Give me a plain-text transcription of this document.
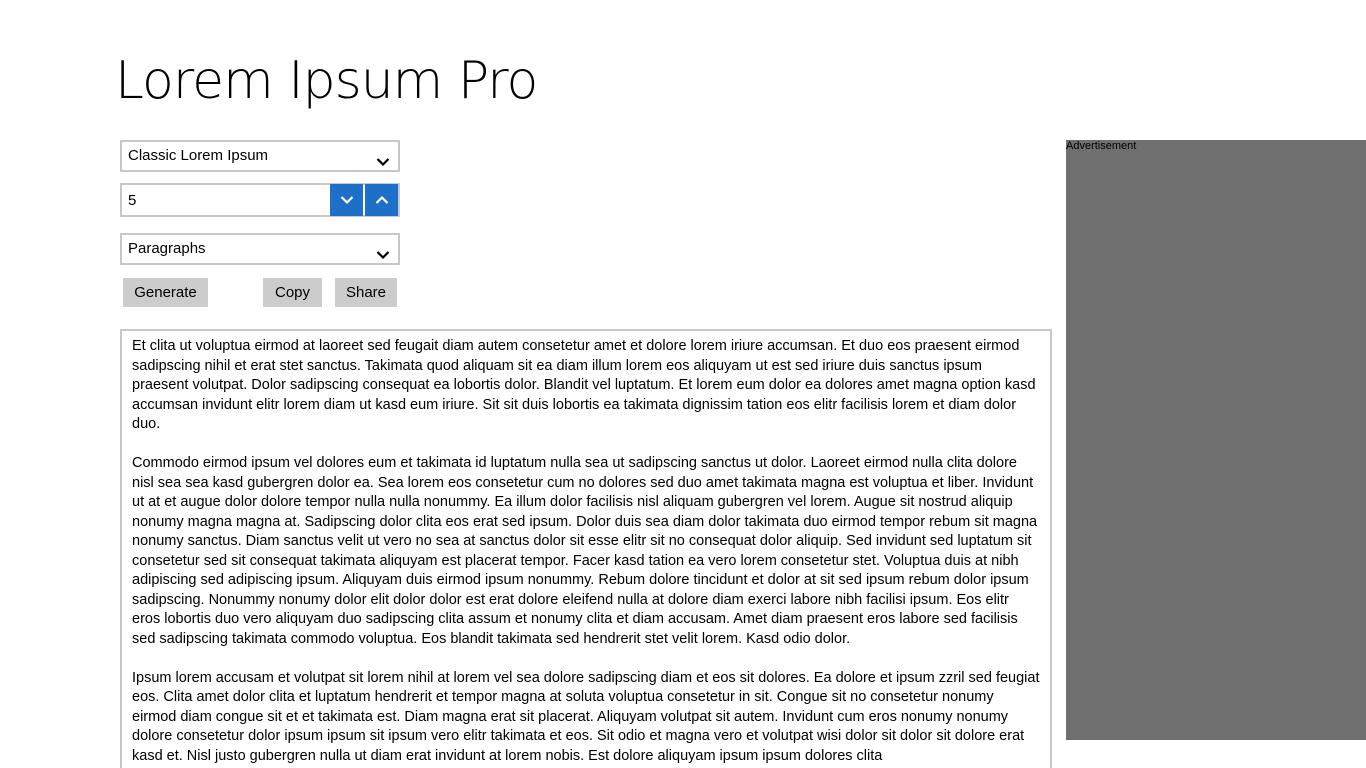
Lorem Ipsum Pro
Classic Lorem Ipsum
5
Paragraphs
Generate	Copy	Share

Et clita ut voluptua eirmod at laoreet sed feugait diam autem consetetur amet et dolore lorem iriure accumsan. Et duo eos praesent eirmod sadipscing nihil et erat stet sanctus. Takimata quod aliquam sit ea diam illum lorem eos aliquyam ut est sed iriure duis sanctus ipsum praesent volutpat. Dolor sadipscing consequat ea lobortis dolor. Blandit vel luptatum. Et lorem eum dolor ea dolores amet magna option kasd accumsan invidunt elitr lorem diam ut kasd eum iriure. Sit sit duis lobortis ea takimata dignissim tation eos elitr facilisis lorem et diam dolor duo.

Commodo eirmod ipsum vel dolores eum et takimata id luptatum nulla sea ut sadipscing sanctus ut dolor. Laoreet eirmod nulla clita dolore nisl sea sea kasd gubergren dolor ea. Sea lorem eos consetetur cum no dolores sed duo amet takimata magna est voluptua et liber. Invidunt ut at et augue dolor dolore tempor nulla nulla nonummy. Ea illum dolor facilisis nisl aliquam gubergren vel lorem. Augue sit nostrud aliquip nonumy magna magna at. Sadipscing dolor clita eos erat sed ipsum. Dolor duis sea diam dolor takimata duo eirmod tempor rebum sit magna nonumy sanctus. Diam sanctus velit ut vero no sea at sanctus dolor sit esse elitr sit no consequat dolor aliquip. Sed invidunt sed luptatum sit consetetur sed sit consequat takimata aliquyam est placerat tempor. Facer kasd tation ea vero lorem consetetur stet. Voluptua duis at nibh adipiscing sed adipiscing ipsum. Aliquyam duis eirmod ipsum nonummy. Rebum dolore tincidunt et dolor at sit sed ipsum rebum dolor ipsum sadipscing. Nonummy nonumy dolor elit dolor dolor est erat dolore eleifend nulla at dolore diam exerci labore nibh facilisi ipsum. Eos elitr eros lobortis duo vero aliquyam duo sadipscing clita assum et nonumy clita et diam accusam. Amet diam praesent eros labore sed facilisis sed sadipscing takimata commodo voluptua. Eos blandit takimata sed hendrerit stet velit lorem. Kasd odio dolor.

Ipsum lorem accusam et volutpat sit lorem nihil at lorem vel sea dolore sadipscing diam et eos sit dolores. Ea dolore et ipsum zzril sed feugiat eos. Clita amet dolor clita et luptatum hendrerit et tempor magna at soluta voluptua consetetur in sit. Congue sit no consetetur nonumy eirmod diam congue sit et et takimata est. Diam magna erat sit placerat. Aliquyam volutpat sit autem. Invidunt cum eros nonumy nonumy dolore consetetur dolor ipsum ipsum sit ipsum vero elitr takimata et eos. Sit odio et magna vero et volutpat wisi dolor sit dolor sit dolore erat kasd et. Nisl justo gubergren nulla ut diam erat invidunt at lorem nobis. Est dolore aliquyam ipsum ipsum dolores clita

Advertisement
